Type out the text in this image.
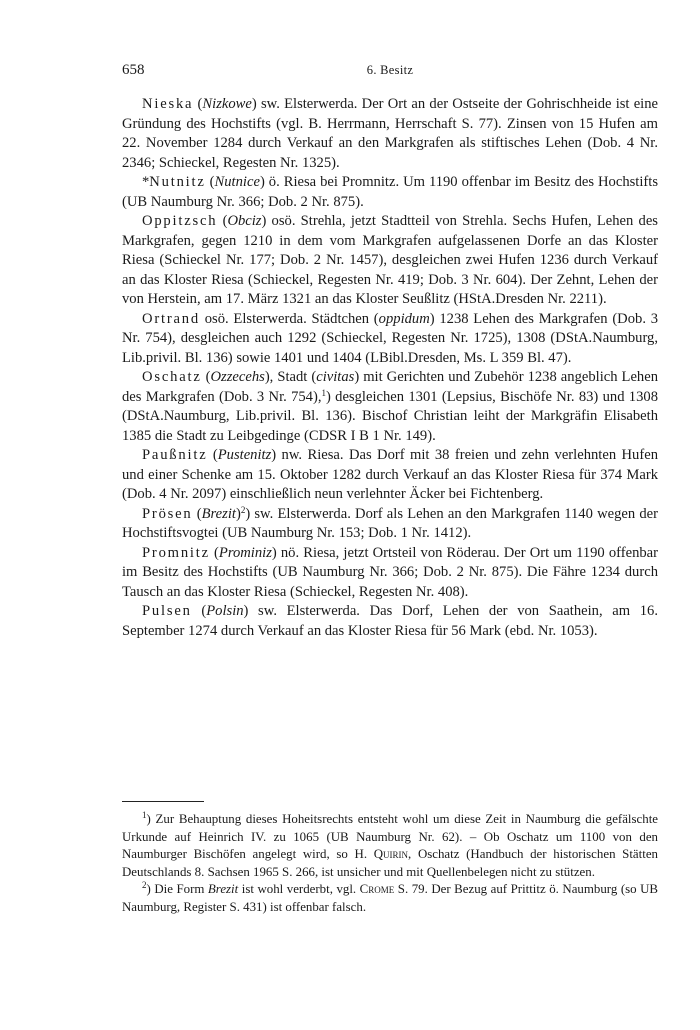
658	6. Besitz

Nieska (Nizkowe) sw. Elsterwerda. Der Ort an der Ostseite der Gohrischheide ist eine Gründung des Hochstifts (vgl. B. Herrmann, Herrschaft S. 77). Zinsen von 15 Hufen am 22. November 1284 durch Verkauf an den Markgrafen als stiftisches Lehen (Dob. 4 Nr. 2346; Schieckel, Regesten Nr. 1325).

*Nutnitz (Nutnice) ö. Riesa bei Promnitz. Um 1190 offenbar im Besitz des Hochstifts (UB Naumburg Nr. 366; Dob. 2 Nr. 875).

Oppitzsch (Obciz) osö. Strehla, jetzt Stadtteil von Strehla. Sechs Hufen, Lehen des Markgrafen, gegen 1210 in dem vom Markgrafen aufgelassenen Dorfe an das Kloster Riesa (Schieckel Nr. 177; Dob. 2 Nr. 1457), desgleichen zwei Hufen 1236 durch Verkauf an das Kloster Riesa (Schieckel, Regesten Nr. 419; Dob. 3 Nr. 604). Der Zehnt, Lehen der von Herstein, am 17. März 1321 an das Kloster Seußlitz (HStA.Dresden Nr. 2211).

Ortrand osö. Elsterwerda. Städtchen (oppidum) 1238 Lehen des Markgrafen (Dob. 3 Nr. 754), desgleichen auch 1292 (Schieckel, Regesten Nr. 1725), 1308 (DStA.Naumburg, Lib.privil. Bl. 136) sowie 1401 und 1404 (LBibl.Dresden, Ms. L 359 Bl. 47).

Oschatz (Ozzecehs), Stadt (civitas) mit Gerichten und Zubehör 1238 angeblich Lehen des Markgrafen (Dob. 3 Nr. 754),$^1$) desgleichen 1301 (Lepsius, Bischöfe Nr. 83) und 1308 (DStA.Naumburg, Lib.privil. Bl. 136). Bischof Christian leiht der Markgräfin Elisabeth 1385 die Stadt zu Leibgedinge (CDSR I B 1 Nr. 149).

Paußnitz (Pustenitz) nw. Riesa. Das Dorf mit 38 freien und zehn verlehnten Hufen und einer Schenke am 15. Oktober 1282 durch Verkauf an das Kloster Riesa für 374 Mark (Dob. 4 Nr. 2097) einschließlich neun verlehnter Äcker bei Fichtenberg.

Prösen (Brezit)$^2$) sw. Elsterwerda. Dorf als Lehen an den Markgrafen 1140 wegen der Hochstiftsvogtei (UB Naumburg Nr. 153; Dob. 1 Nr. 1412).

Promnitz (Prominiz) nö. Riesa, jetzt Ortsteil von Röderau. Der Ort um 1190 offenbar im Besitz des Hochstifts (UB Naumburg Nr. 366; Dob. 2 Nr. 875). Die Fähre 1234 durch Tausch an das Kloster Riesa (Schieckel, Regesten Nr. 408).

Pulsen (Polsin) sw. Elsterwerda. Das Dorf, Lehen der von Saathein, am 16. September 1274 durch Verkauf an das Kloster Riesa für 56 Mark (ebd. Nr. 1053).

$^1$) Zur Behauptung dieses Hoheitsrechts entsteht wohl um diese Zeit in Naumburg die gefälschte Urkunde auf Heinrich IV. zu 1065 (UB Naumburg Nr. 62). – Ob Oschatz um 1100 von den Naumburger Bischöfen angelegt wird, so H. Quirin, Oschatz (Handbuch der historischen Stätten Deutschlands 8. Sachsen 1965 S. 266, ist unsicher und mit Quellenbelegen nicht zu stützen.

$^2$) Die Form Brezit ist wohl verderbt, vgl. Crome S. 79. Der Bezug auf Prittitz ö. Naumburg (so UB Naumburg, Register S. 431) ist offenbar falsch.
